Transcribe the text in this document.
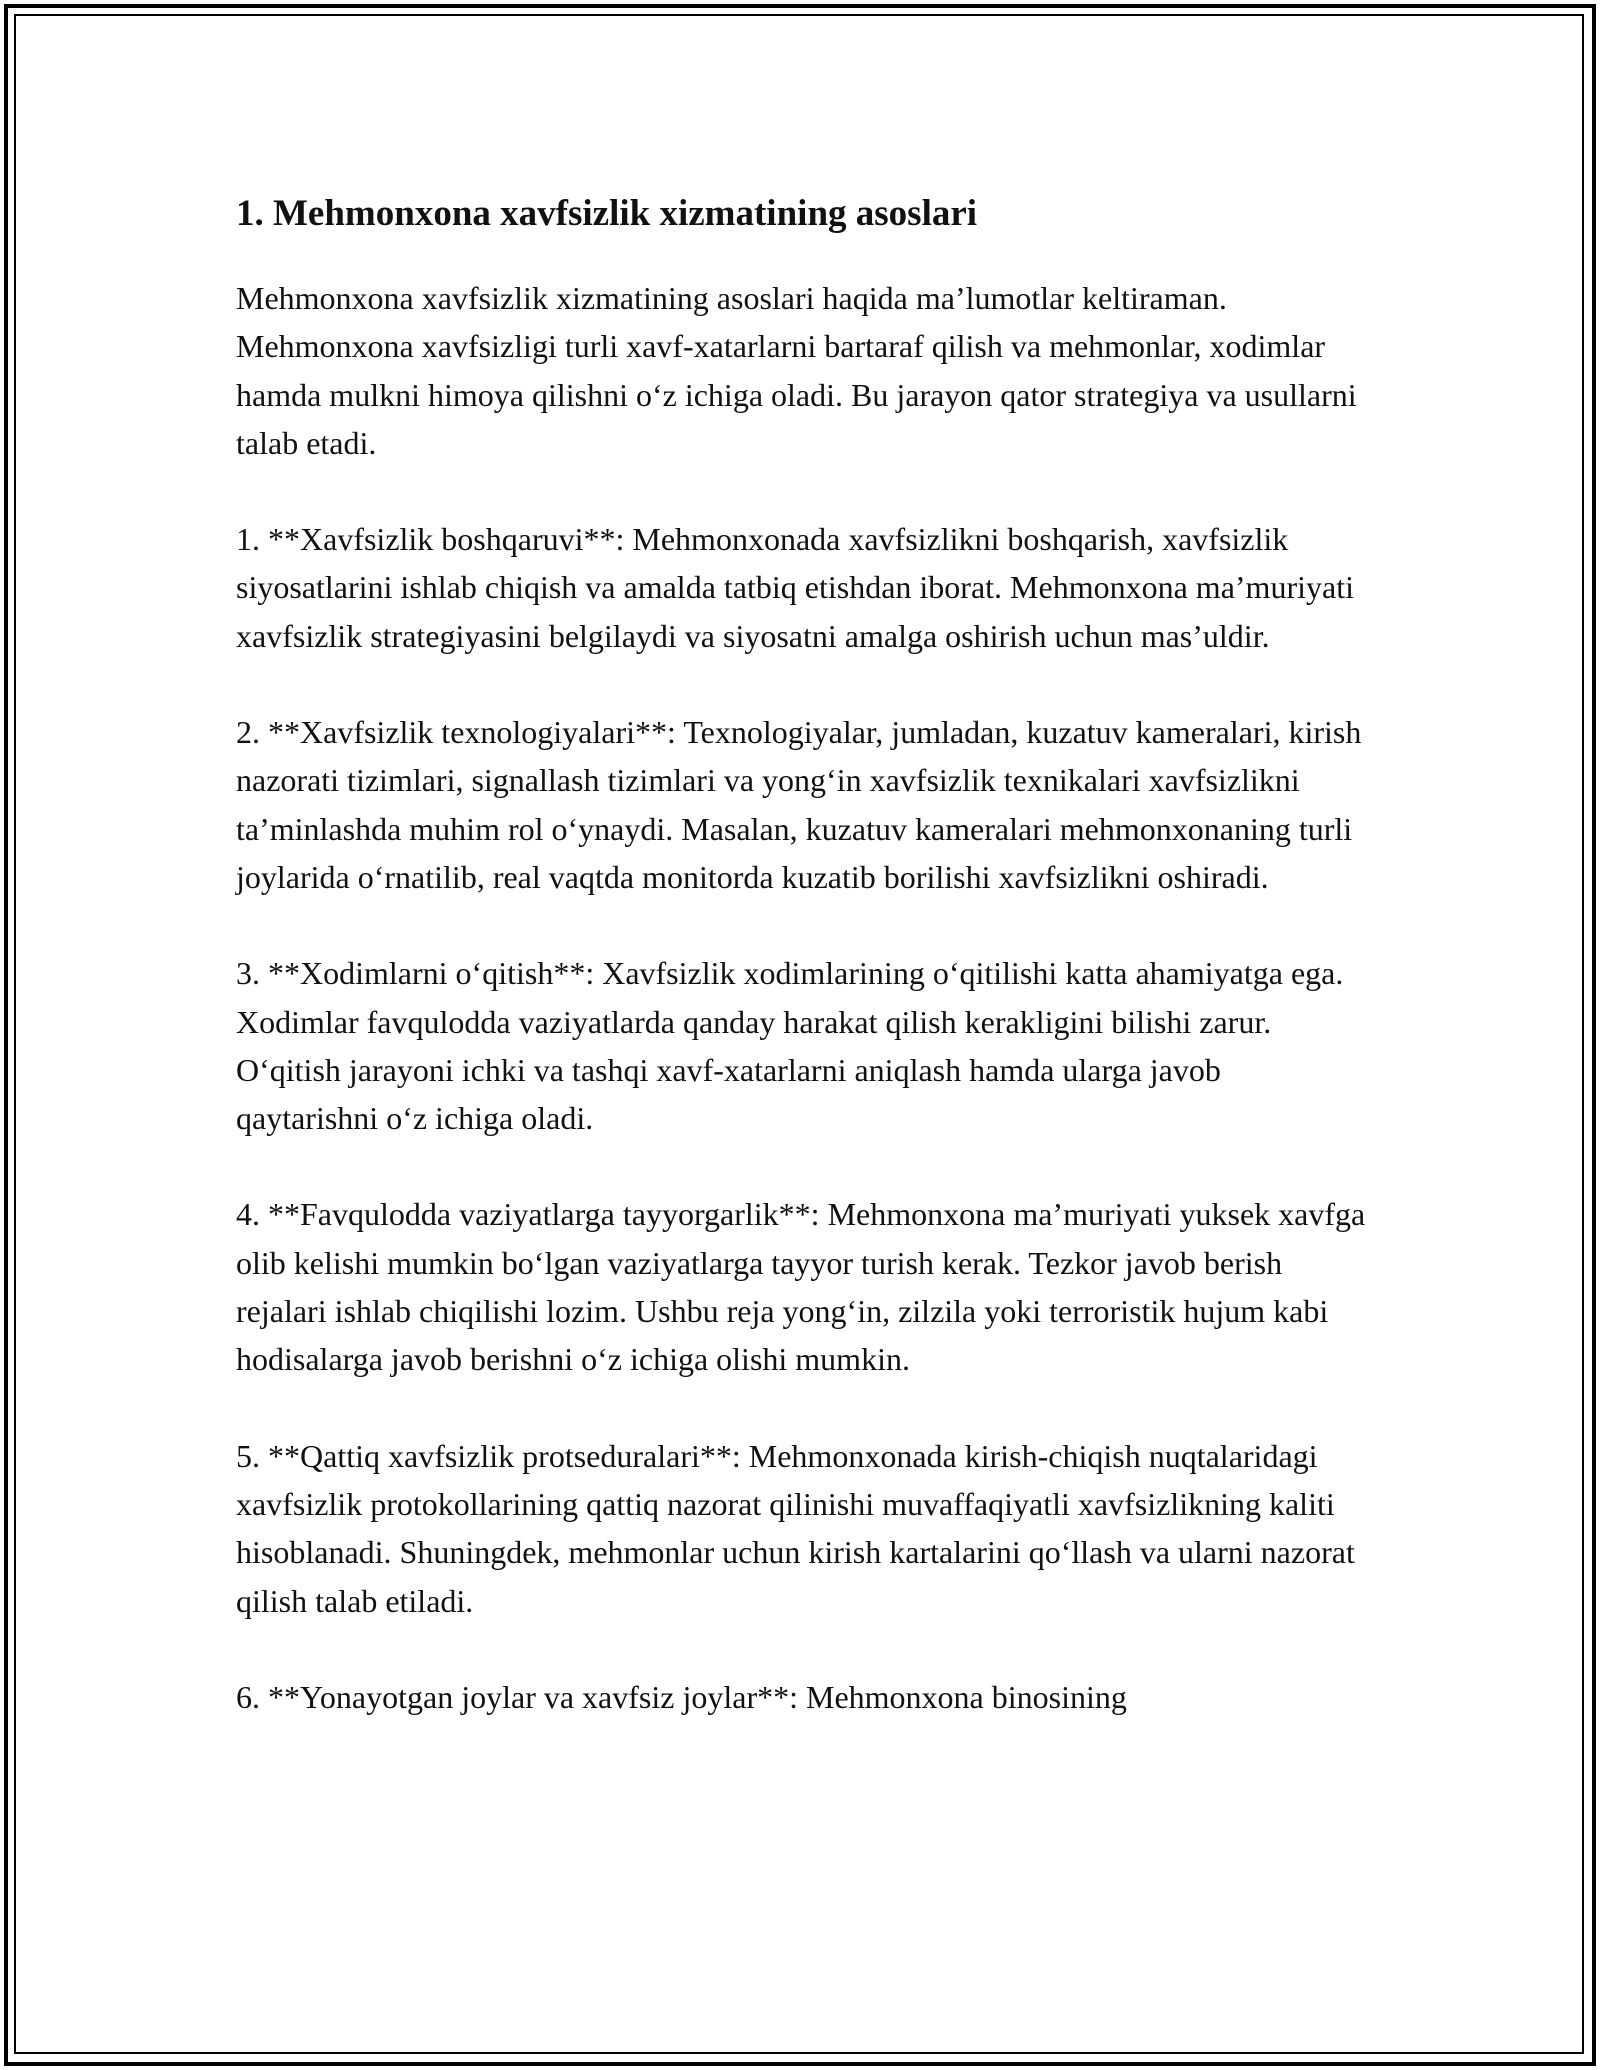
1. Mehmonxona xavfsizlik xizmatining asoslari

Mehmonxona xavfsizlik xizmatining asoslari haqida ma’lumotlar keltiraman. Mehmonxona xavfsizligi turli xavf-xatarlarni bartaraf qilish va mehmonlar, xodimlar hamda mulkni himoya qilishni oʻz ichiga oladi. Bu jarayon qator strategiya va usullarni talab etadi.

1. **Xavfsizlik boshqaruvi**: Mehmonxonada xavfsizlikni boshqarish, xavfsizlik siyosatlarini ishlab chiqish va amalda tatbiq etishdan iborat. Mehmonxona ma’muriyati xavfsizlik strategiyasini belgilaydi va siyosatni amalga oshirish uchun mas’uldir.

2. **Xavfsizlik texnologiyalari**: Texnologiyalar, jumladan, kuzatuv kameralari, kirish nazorati tizimlari, signallash tizimlari va yongʻin xavfsizlik texnikalari xavfsizlikni ta’minlashda muhim rol oʻynaydi. Masalan, kuzatuv kameralari mehmonxonaning turli joylarida oʻrnatilib, real vaqtda monitorda kuzatib borilishi xavfsizlikni oshiradi.

3. **Xodimlarni oʻqitish**: Xavfsizlik xodimlarining oʻqitilishi katta ahamiyatga ega. Xodimlar favqulodda vaziyatlarda qanday harakat qilish kerakligini bilishi zarur. Oʻqitish jarayoni ichki va tashqi xavf-xatarlarni aniqlash hamda ularga javob qaytarishni oʻz ichiga oladi.

4. **Favqulodda vaziyatlarga tayyorgarlik**: Mehmonxona ma’muriyati yuksek xavfga olib kelishi mumkin boʻlgan vaziyatlarga tayyor turish kerak. Tezkor javob berish rejalari ishlab chiqilishi lozim. Ushbu reja yongʻin, zilzila yoki terroristik hujum kabi hodisalarga javob berishni oʻz ichiga olishi mumkin.

5. **Qattiq xavfsizlik protseduralari**: Mehmonxonada kirish-chiqish nuqtalaridagi xavfsizlik protokollarining qattiq nazorat qilinishi muvaffaqiyatli xavfsizlikning kaliti hisoblanadi. Shuningdek, mehmonlar uchun kirish kartalarini qoʻllash va ularni nazorat qilish talab etiladi.

6. **Yonayotgan joylar va xavfsiz joylar**: Mehmonxona binosining
